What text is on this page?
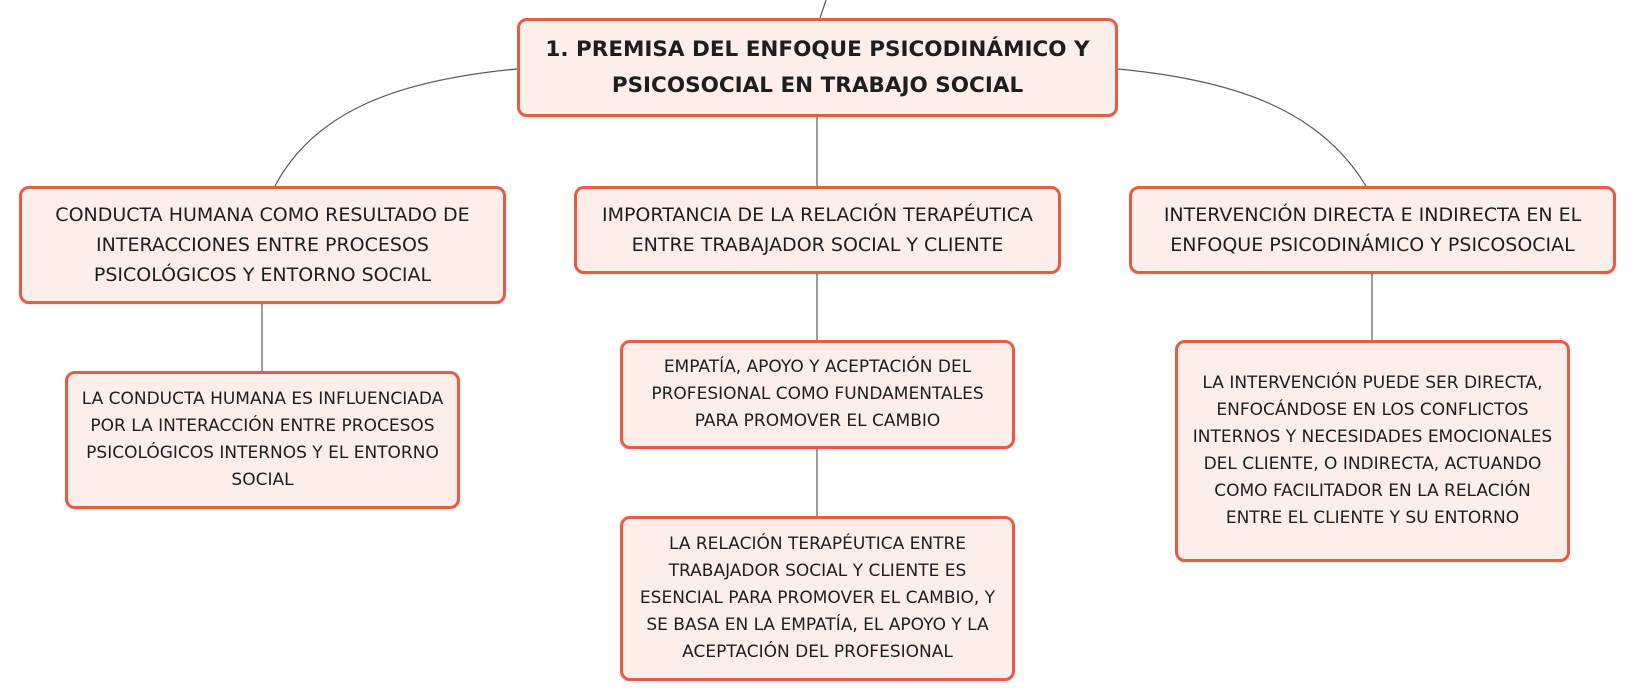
1. PREMISA DEL ENFOQUE PSICODINÁMICO Y PSICOSOCIAL EN TRABAJO SOCIAL
CONDUCTA HUMANA COMO RESULTADO DE INTERACCIONES ENTRE PROCESOS PSICOLÓGICOS Y ENTORNO SOCIAL
IMPORTANCIA DE LA RELACIÓN TERAPÉUTICA ENTRE TRABAJADOR SOCIAL Y CLIENTE
INTERVENCIÓN DIRECTA E INDIRECTA EN EL ENFOQUE PSICODINÁMICO Y PSICOSOCIAL
LA CONDUCTA HUMANA ES INFLUENCIADA POR LA INTERACCIÓN ENTRE PROCESOS PSICOLÓGICOS INTERNOS Y EL ENTORNO SOCIAL
EMPATÍA, APOYO Y ACEPTACIÓN DEL PROFESIONAL COMO FUNDAMENTALES PARA PROMOVER EL CAMBIO
LA RELACIÓN TERAPÉUTICA ENTRE TRABAJADOR SOCIAL Y CLIENTE ES ESENCIAL PARA PROMOVER EL CAMBIO, Y SE BASA EN LA EMPATÍA, EL APOYO Y LA ACEPTACIÓN DEL PROFESIONAL
LA INTERVENCIÓN PUEDE SER DIRECTA, ENFOCÁNDOSE EN LOS CONFLICTOS INTERNOS Y NECESIDADES EMOCIONALES DEL CLIENTE, O INDIRECTA, ACTUANDO COMO FACILITADOR EN LA RELACIÓN ENTRE EL CLIENTE Y SU ENTORNO
